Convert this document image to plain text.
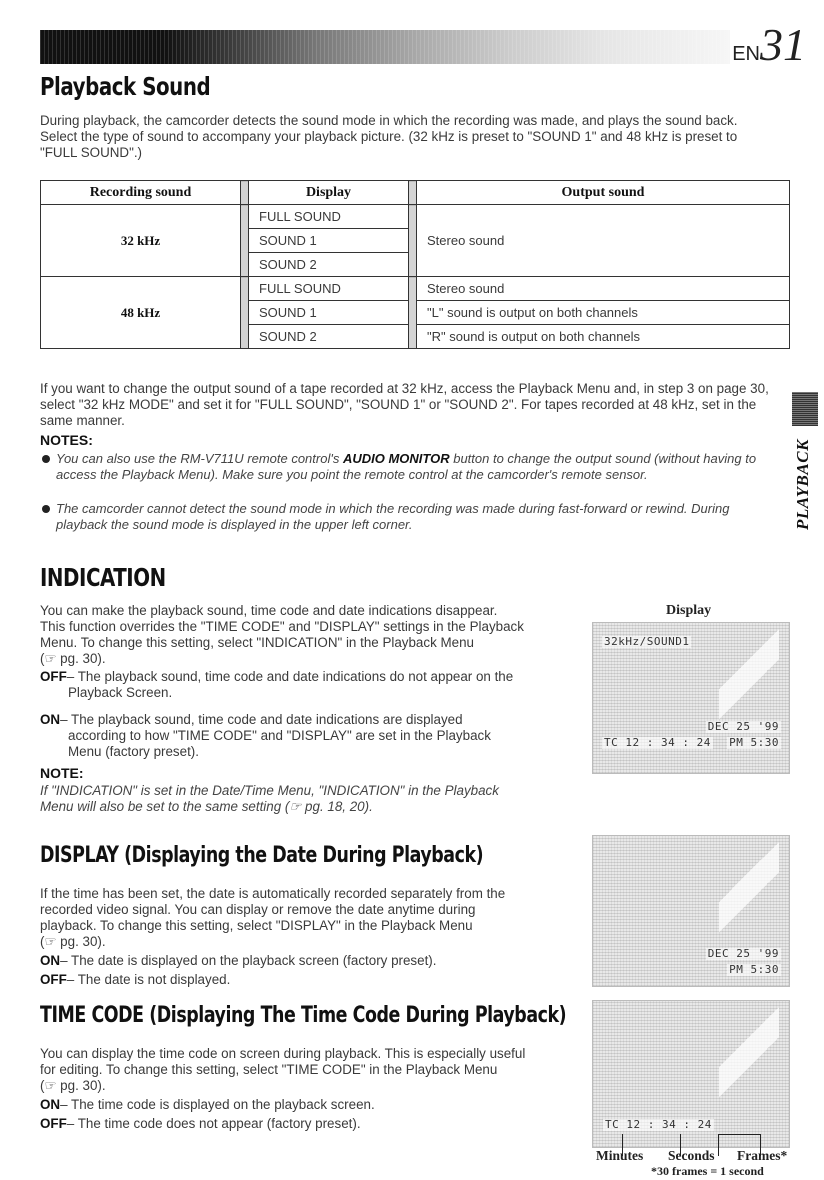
EN31
Playback Sound
During playback, the camcorder detects the sound mode in which the recording was made, and plays the sound back. Select the type of sound to accompany your playback picture. (32 kHz is preset to "SOUND 1" and 48 kHz is preset to "FULL SOUND".)
Recording sound		Display		Output sound
32 kHz		FULL SOUND		Stereo sound
		SOUND 1		
		SOUND 2		
48 kHz		FULL SOUND		Stereo sound
		SOUND 1		"L" sound is output on both channels
		SOUND 2		"R" sound is output on both channels
If you want to change the output sound of a tape recorded at 32 kHz, access the Playback Menu and, in step 3 on page 30, select "32 kHz MODE" and set it for "FULL SOUND", "SOUND 1" or "SOUND 2". For tapes recorded at 48 kHz, set in the same manner.
NOTES:
You can also use the RM-V711U remote control's AUDIO MONITOR button to change the output sound (without having to access the Playback Menu). Make sure you point the remote control at the camcorder's remote sensor.
The camcorder cannot detect the sound mode in which the recording was made during fast-forward or rewind. During playback the sound mode is displayed in the upper left corner.	PLAYBACK
INDICATION
You can make the playback sound, time code and date indications disappear.
This function overrides the "TIME CODE" and "DISPLAY" settings in the Playback
Menu. To change this setting, select "INDICATION" in the Playback Menu
(☞ pg. 30).
OFF– The playback sound, time code and date indications do not appear on the
Playback Screen.
ON– The playback sound, time code and date indications are displayed
according to how "TIME CODE" and "DISPLAY" are set in the Playback
Menu (factory preset).
NOTE:
If "INDICATION" is set in the Date/Time Menu, "INDICATION" in the Playback
Menu will also be set to the same setting (☞ pg. 18, 20).
Display
32kHz/SOUND1
DEC 25 '99
TC 12 : 34 : 24 PM 5:30
DISPLAY (Displaying the Date During Playback)
If the time has been set, the date is automatically recorded separately from the
recorded video signal. You can display or remove the date anytime during
playback. To change this setting, select "DISPLAY" in the Playback Menu
(☞ pg. 30).
ON– The date is displayed on the playback screen (factory preset).
OFF– The date is not displayed.
DEC 25 '99
PM 5:30
TIME CODE (Displaying The Time Code During Playback)
You can display the time code on screen during playback. This is especially useful
for editing. To change this setting, select "TIME CODE" in the Playback Menu
(☞ pg. 30).
ON– The time code is displayed on the playback screen.
OFF– The time code does not appear (factory preset).	TC 12 : 34 : 24
Minutes Seconds Frames*
*30 frames = 1 second
